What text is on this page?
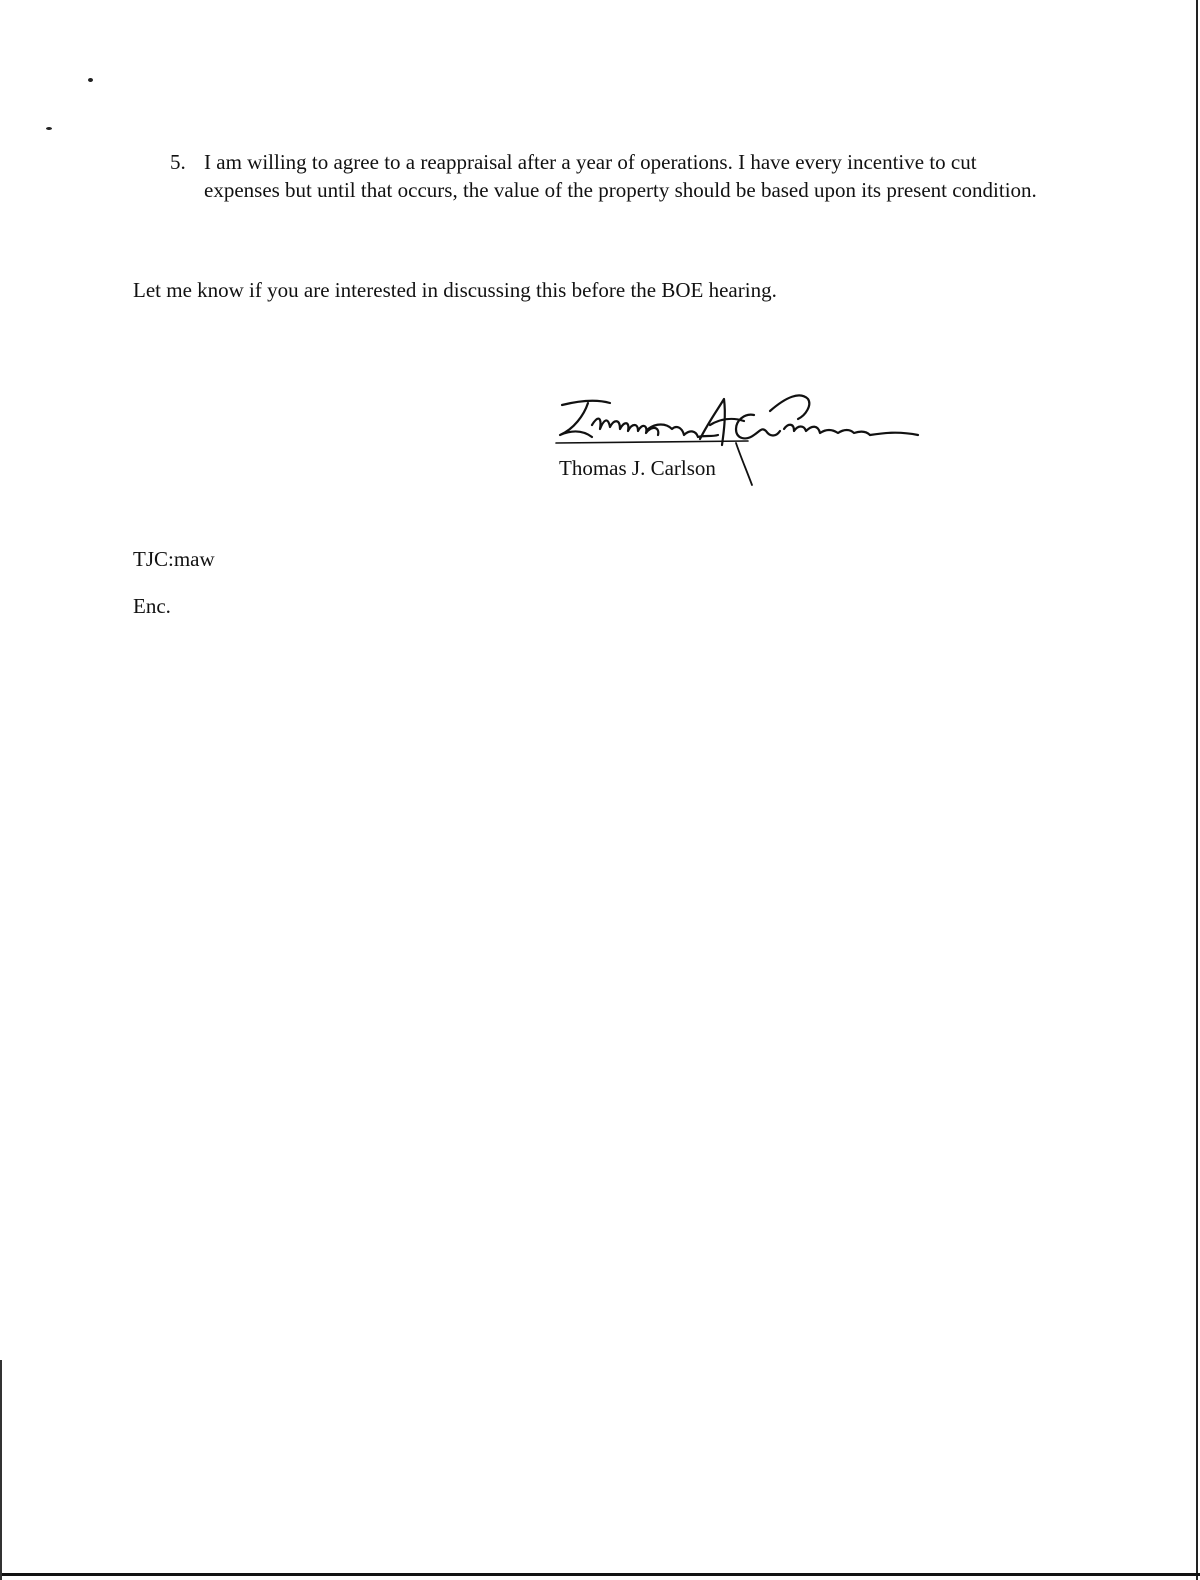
5. I am willing to agree to a reappraisal after a year of operations. I have every incentive to cut expenses but until that occurs, the value of the property should be based upon its present condition.
Let me know if you are interested in discussing this before the BOE hearing.
Thomas J. Carlson
TJC:maw
Enc.
